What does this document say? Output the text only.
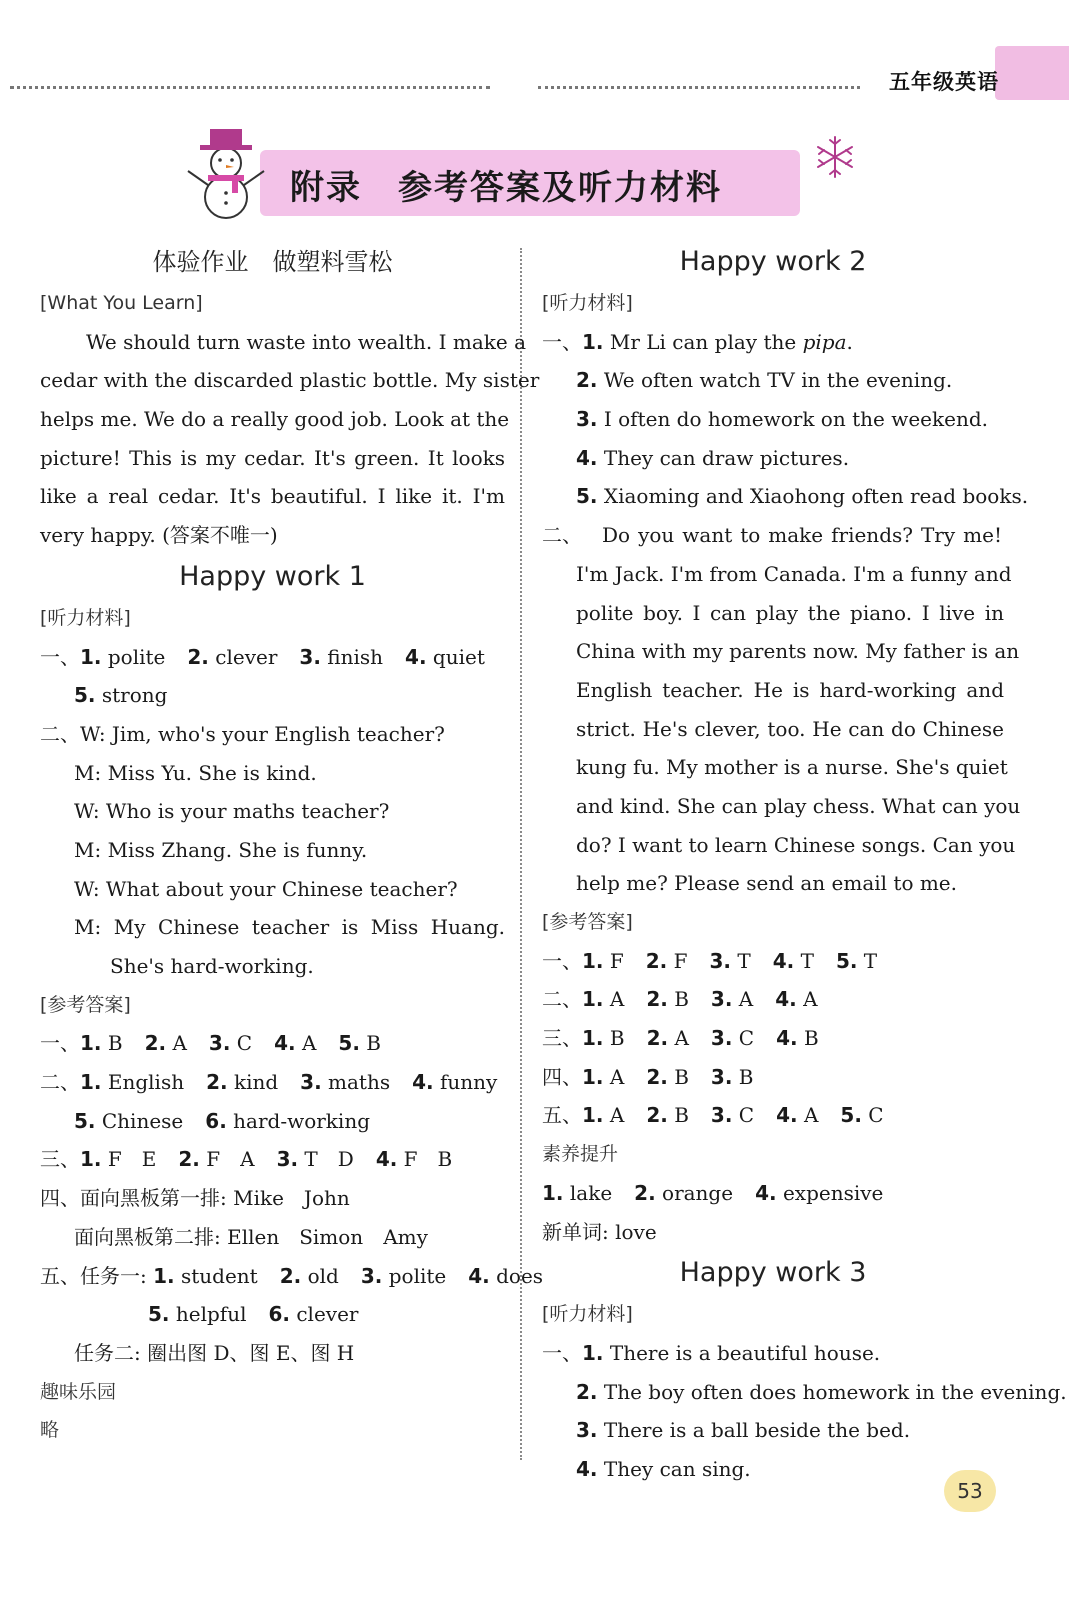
五年级英语
附录　参考答案及听力材料
体验作业　做塑料雪松
[What You Learn]
We should turn waste into wealth. I make a
cedar with the discarded plastic bottle. My sister
helps me. We do a really good job. Look at the
picture! This is my cedar. It's green. It looks
like a real cedar. It's beautiful. I like it. I'm
very happy. (答案不唯一)
Happy work 1
[听力材料]
一、1. polite 2. clever 3. finish 4. quiet
5. strong
二、W: Jim, who's your English teacher?
M: Miss Yu. She is kind.
W: Who is your maths teacher?
M: Miss Zhang. She is funny.
W: What about your Chinese teacher?
M: My Chinese teacher is Miss Huang.
She's hard-working.
[参考答案]
一、1. B 2. A 3. C 4. A 5. B
二、1. English 2. kind 3. maths 4. funny
5. Chinese 6. hard-working
三、1. F　E 2. F　A 3. T　D 4. F　B
四、面向黑板第一排: Mike　John
面向黑板第二排: Ellen　Simon　Amy
五、任务一: 1. student 2. old 3. polite 4. does
5. helpful 6. clever
任务二: 圈出图 D、图 E、图 H
趣味乐园
略
Happy work 2
[听力材料]
一、1. Mr Li can play the pipa.
2. We often watch TV in the evening.
3. I often do homework on the weekend.
4. They can draw pictures.
5. Xiaoming and Xiaohong often read books.
二、 Do you want to make friends? Try me!
I'm Jack. I'm from Canada. I'm a funny and
polite boy. I can play the piano. I live in
China with my parents now. My father is an
English teacher. He is hard-working and
strict. He's clever, too. He can do Chinese
kung fu. My mother is a nurse. She's quiet
and kind. She can play chess. What can you
do? I want to learn Chinese songs. Can you
help me? Please send an email to me.
[参考答案]
一、1. F 2. F 3. T 4. T 5. T
二、1. A 2. B 3. A 4. A
三、1. B 2. A 3. C 4. B
四、1. A 2. B 3. B
五、1. A 2. B 3. C 4. A 5. C
素养提升
1. lake 2. orange 4. expensive
新单词: love
Happy work 3
[听力材料]
一、1. There is a beautiful house.
2. The boy often does homework in the evening.
3. There is a ball beside the bed.
4. They can sing.
53
